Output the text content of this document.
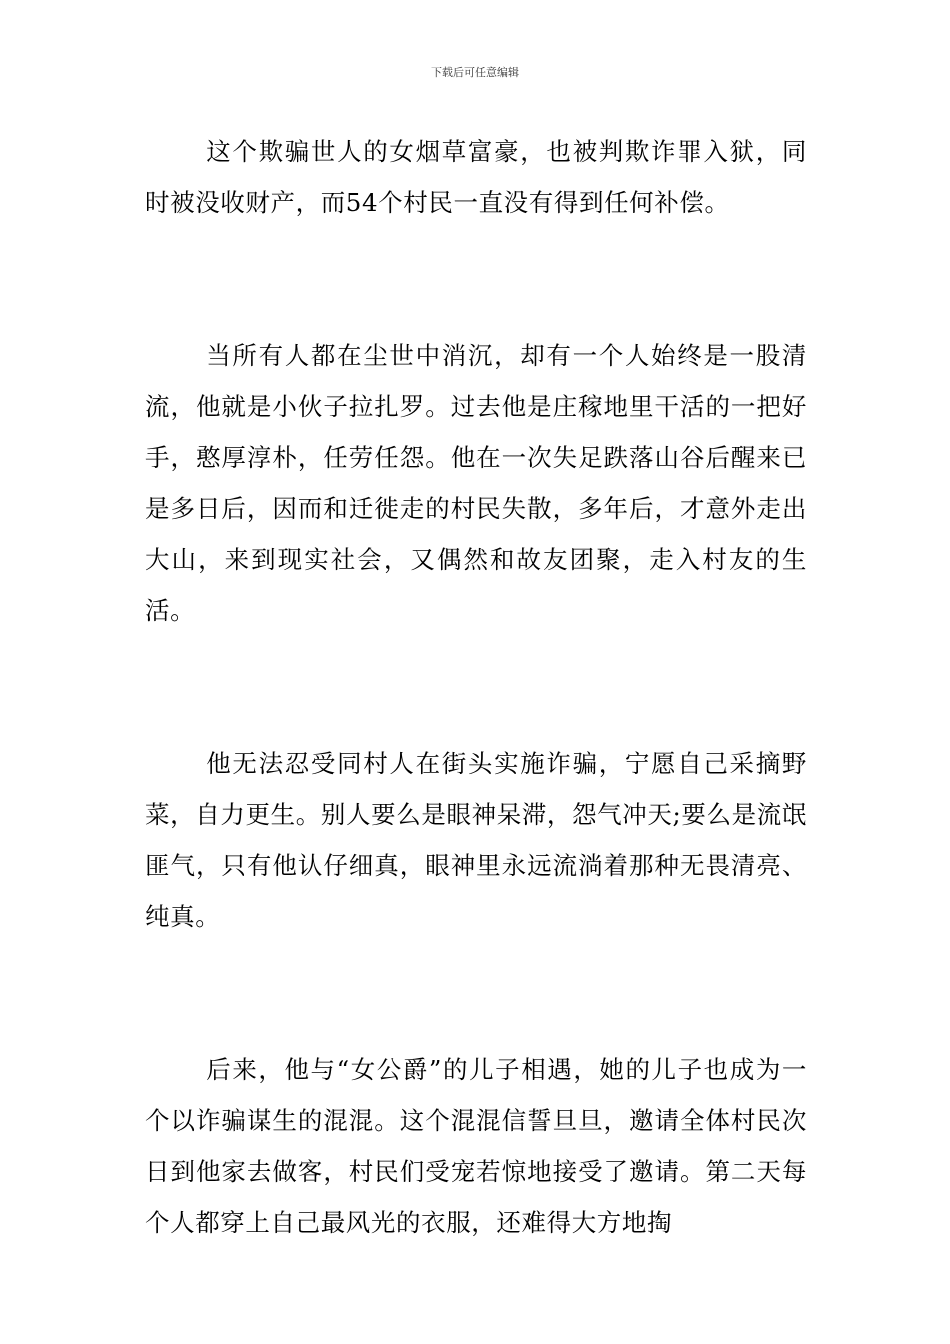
下载后可任意编辑

这个欺骗世人的女烟草富豪，也被判欺诈罪入狱，同时被没收财产，而54个村民一直没有得到任何补偿。

当所有人都在尘世中消沉，却有一个人始终是一股清流，他就是小伙子拉扎罗。过去他是庄稼地里干活的一把好手，憨厚淳朴，任劳任怨。他在一次失足跌落山谷后醒来已是多日后，因而和迁徙走的村民失散，多年后，才意外走出大山，来到现实社会，又偶然和故友团聚，走入村友的生活。

他无法忍受同村人在街头实施诈骗，宁愿自己采摘野菜，自力更生。别人要么是眼神呆滞，怨气冲天;要么是流氓匪气，只有他认仔细真，眼神里永远流淌着那种无畏清亮、纯真。

后来，他与“女公爵”的儿子相遇，她的儿子也成为一个以诈骗谋生的混混。这个混混信誓旦旦，邀请全体村民次日到他家去做客，村民们受宠若惊地接受了邀请。第二天每个人都穿上自己最风光的衣服，还难得大方地掏
